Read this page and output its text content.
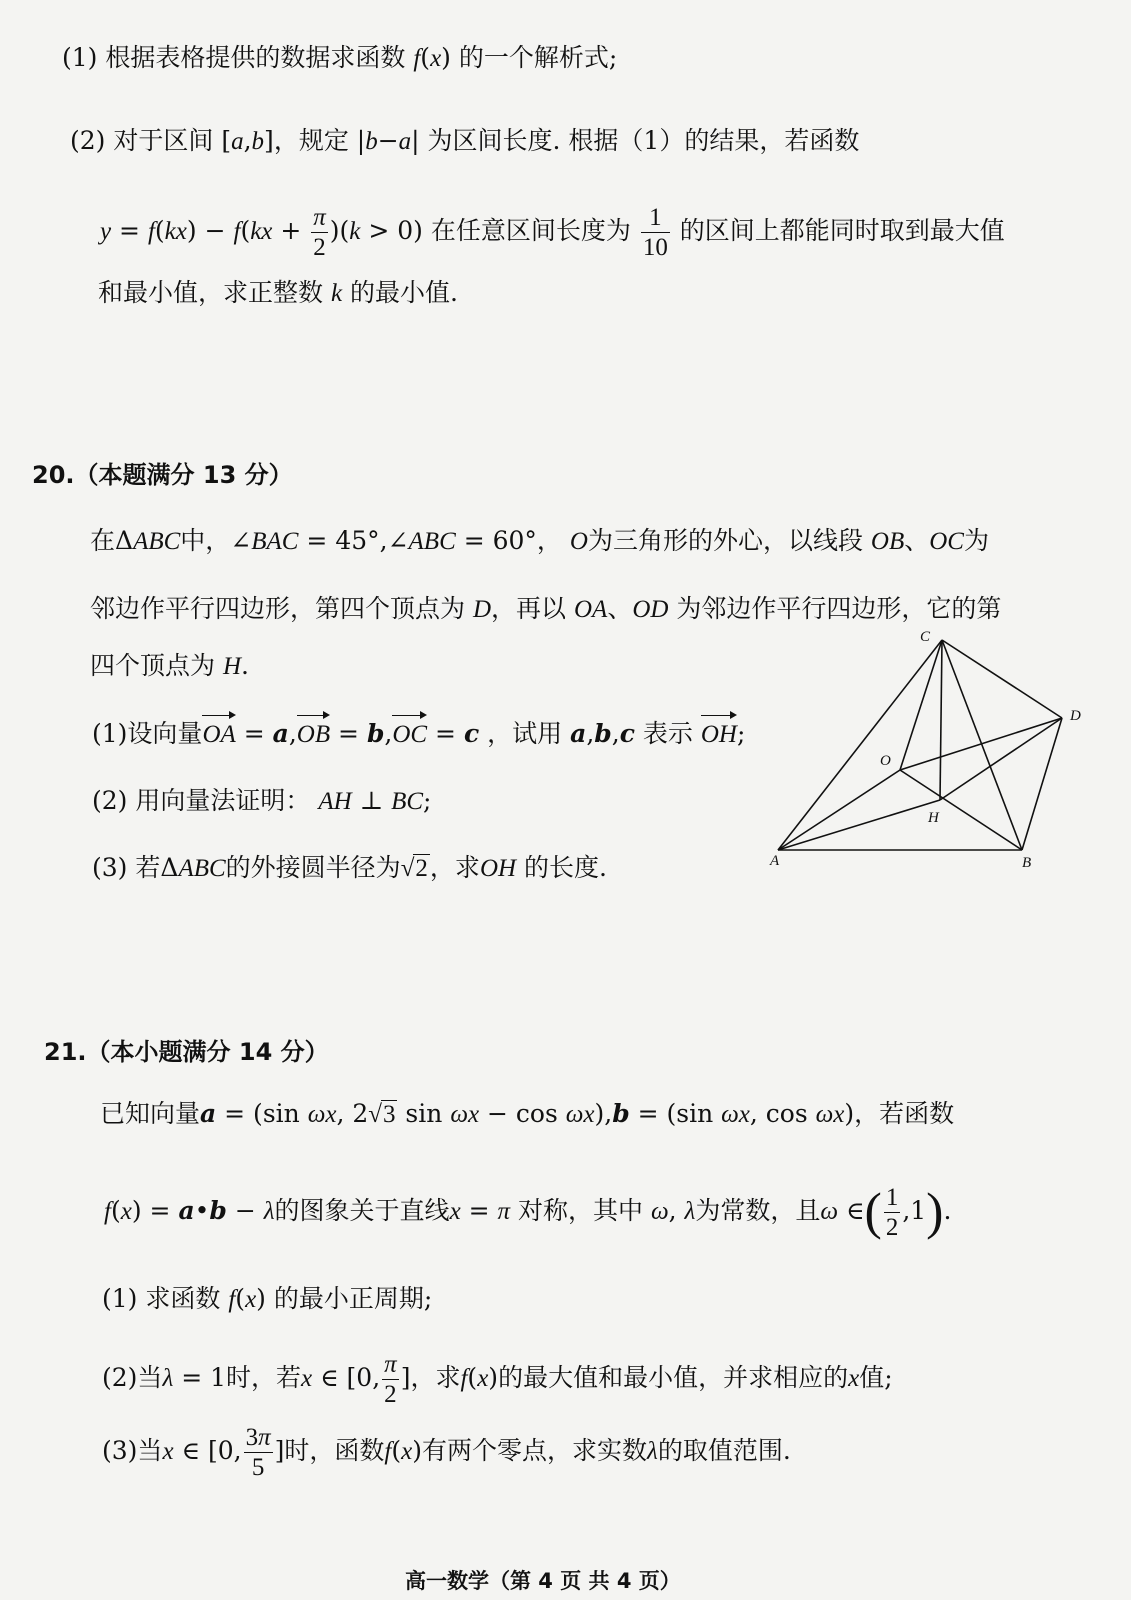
(1) 根据表格提供的数据求函数 f(x) 的一个解析式;
(2) 对于区间 [a,b]，规定 |b−a| 为区间长度. 根据（1）的结果，若函数
$y = f(kx) - f(kx + \frac{\pi}{2} )(k > 0)$ 在任意区间长度为 $\frac{1}{10}$ 的区间上都能同时取到最大值
和最小值，求正整数 k 的最小值.
20.（本题满分 13 分）
在ΔABC中，∠BAC = 45°,∠ABC = 60°， O为三角形的外心，以线段 OB、OC为
邻边作平行四边形，第四个顶点为 D，再以 OA、OD 为邻边作平行四边形，它的第
四个顶点为 H.
(1)设向量OA = a,OB = b,OC = c ，试用 a,b,c 表示 OH;
(2) 用向量法证明： AH ⊥ BC;
(3) 若ΔABC的外接圆半径为√2，求OH 的长度.
C
D
O
H
A	B
21.（本小题满分 14 分）
已知向量a = (sin ωx, 2√3 sin ωx − cos ωx),b = (sin ωx, cos ωx)，若函数
f(x) = a•b − λ的图象关于直线x = π 对称，其中 ω, λ为常数，且ω ∈( $\frac{1}{2} ,1$).
(1) 求函数 f(x) 的最小正周期;
(2)当λ = 1时，若x ∈ [0, $\frac{\pi}{2}$ ]，求f(x)的最大值和最小值，并求相应的x值;
(3)当x ∈ [0, $\frac{3\pi}{5}$ ]时，函数f(x)有两个零点，求实数λ的取值范围.
高一数学（第 4 页 共 4 页）
